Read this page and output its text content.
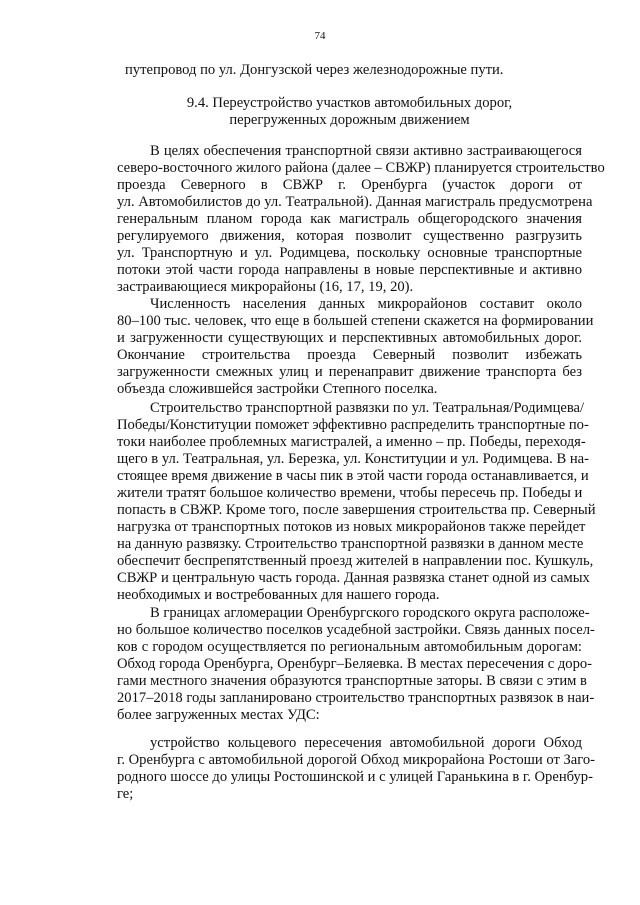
74
путепровод по ул. Донгузской через железнодорожные пути.
9.4. Переустройство участков автомобильных дорог,
перегруженных дорожным движением
В целях обеспечения транспортной связи активно застраивающегося
северо-восточного жилого района (далее – СВЖР) планируется строительство
проезда Северного в СВЖР г. Оренбурга (участок дороги от
ул. Автомобилистов до ул. Театральной). Данная магистраль предусмотрена
генеральным планом города как магистраль общегородского значения
регулируемого движения, которая позволит существенно разгрузить
ул. Транспортную и ул. Родимцева, поскольку основные транспортные
потоки этой части города направлены в новые перспективные и активно
застраивающиеся микрорайоны (16, 17, 19, 20).
Численность населения данных микрорайонов составит около
80–100 тыс. человек, что еще в большей степени скажется на формировании
и загруженности существующих и перспективных автомобильных дорог.
Окончание строительства проезда Северный позволит избежать
загруженности смежных улиц и перенаправит движение транспорта без
объезда сложившейся застройки Степного поселка.
Строительство транспортной развязки по ул. Театральная/Родимцева/
Победы/Конституции поможет эффективно распределить транспортные по-
токи наиболее проблемных магистралей, а именно – пр. Победы, переходя-
щего в ул. Театральная, ул. Березка, ул. Конституции и ул. Родимцева. В на-
стоящее время движение в часы пик в этой части города останавливается, и
жители тратят большое количество времени, чтобы пересечь пр. Победы и
попасть в СВЖР. Кроме того, после завершения строительства пр. Северный
нагрузка от транспортных потоков из новых микрорайонов также перейдет
на данную развязку. Строительство транспортной развязки в данном месте
обеспечит беспрепятственный проезд жителей в направлении пос. Кушкуль,
СВЖР и центральную часть города. Данная развязка станет одной из самых
необходимых и востребованных для нашего города.
В границах агломерации Оренбургского городского округа расположе-
но большое количество поселков усадебной застройки. Связь данных посел-
ков с городом осуществляется по региональным автомобильным дорогам:
Обход города Оренбурга, Оренбург–Беляевка. В местах пересечения с доро-
гами местного значения образуются транспортные заторы. В связи с этим в
2017–2018 годы запланировано строительство транспортных развязок в наи-
более загруженных местах УДС:
устройство кольцевого пересечения автомобильной дороги Обход
г. Оренбурга с автомобильной дорогой Обход микрорайона Ростоши от Заго-
родного шоссе до улицы Ростошинской и с улицей Гаранькина в г. Оренбур-
ге;
